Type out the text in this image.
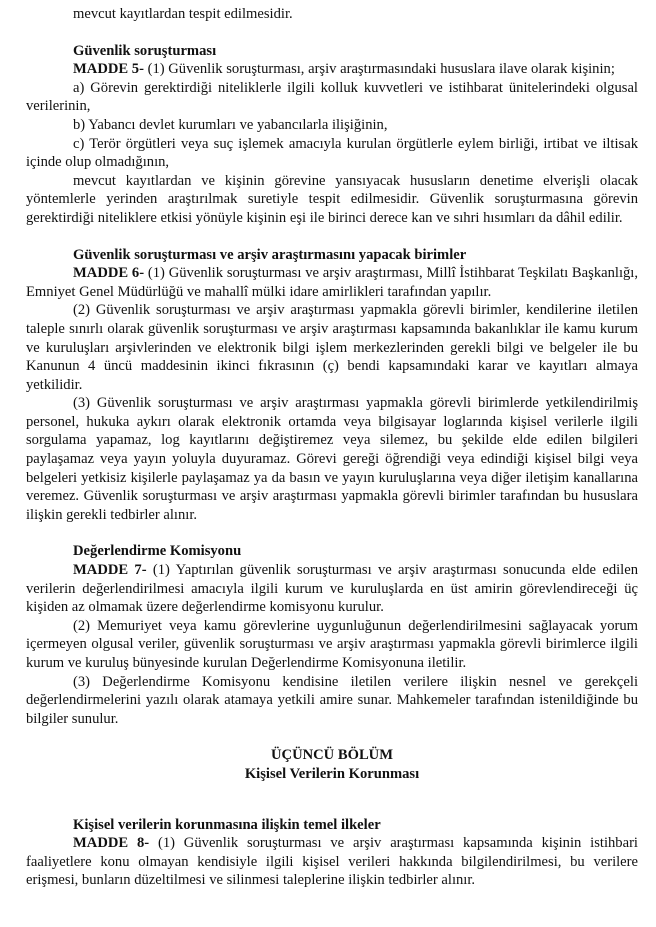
mevcut kayıtlardan tespit edilmesidir.

Güvenlik soruşturması

MADDE 5- (1) Güvenlik soruşturması, arşiv araştırmasındaki hususlara ilave olarak kişinin;

a) Görevin gerektirdiği niteliklerle ilgili kolluk kuvvetleri ve istihbarat ünitelerindeki olgusal verilerinin,

b) Yabancı devlet kurumları ve yabancılarla ilişiğinin,

c) Terör örgütleri veya suç işlemek amacıyla kurulan örgütlerle eylem birliği, irtibat ve iltisak içinde olup olmadığının,

mevcut kayıtlardan ve kişinin görevine yansıyacak hususların denetime elverişli olacak yöntemlerle yerinden araştırılmak suretiyle tespit edilmesidir. Güvenlik soruşturmasına görevin gerektirdiği niteliklere etkisi yönüyle kişinin eşi ile birinci derece kan ve sıhri hısımları da dâhil edilir.

Güvenlik soruşturması ve arşiv araştırmasını yapacak birimler

MADDE 6- (1) Güvenlik soruşturması ve arşiv araştırması, Millî İstihbarat Teşkilatı Başkanlığı, Emniyet Genel Müdürlüğü ve mahallî mülki idare amirlikleri tarafından yapılır.

(2) Güvenlik soruşturması ve arşiv araştırması yapmakla görevli birimler, kendilerine iletilen taleple sınırlı olarak güvenlik soruşturması ve arşiv araştırması kapsamında bakanlıklar ile kamu kurum ve kuruluşları arşivlerinden ve elektronik bilgi işlem merkezlerinden gerekli bilgi ve belgeler ile bu Kanunun 4 üncü maddesinin ikinci fıkrasının (ç) bendi kapsamındaki karar ve kayıtları almaya yetkilidir.

(3) Güvenlik soruşturması ve arşiv araştırması yapmakla görevli birimlerde yetkilendirilmiş personel, hukuka aykırı olarak elektronik ortamda veya bilgisayar loglarında kişisel verilerle ilgili sorgulama yapamaz, log kayıtlarını değiştiremez veya silemez, bu şekilde elde edilen bilgileri paylaşamaz veya yayın yoluyla duyuramaz. Görevi gereği öğrendiği veya edindiği kişisel bilgi veya belgeleri yetkisiz kişilerle paylaşamaz ya da basın ve yayın kuruluşlarına veya diğer iletişim kanallarına veremez. Güvenlik soruşturması ve arşiv araştırması yapmakla görevli birimler tarafından bu hususlara ilişkin gerekli tedbirler alınır.

Değerlendirme Komisyonu

MADDE 7- (1) Yaptırılan güvenlik soruşturması ve arşiv araştırması sonucunda elde edilen verilerin değerlendirilmesi amacıyla ilgili kurum ve kuruluşlarda en üst amirin görevlendireceği üç kişiden az olmamak üzere değerlendirme komisyonu kurulur.

(2) Memuriyet veya kamu görevlerine uygunluğunun değerlendirilmesini sağlayacak yorum içermeyen olgusal veriler, güvenlik soruşturması ve arşiv araştırması yapmakla görevli birimlerce ilgili kurum ve kuruluş bünyesinde kurulan Değerlendirme Komisyonuna iletilir.

(3) Değerlendirme Komisyonu kendisine iletilen verilere ilişkin nesnel ve gerekçeli değerlendirmelerini yazılı olarak atamaya yetkili amire sunar. Mahkemeler tarafından istenildiğinde bu bilgiler sunulur.

ÜÇÜNCÜ BÖLÜM

Kişisel Verilerin Korunması

Kişisel verilerin korunmasına ilişkin temel ilkeler

MADDE 8- (1) Güvenlik soruşturması ve arşiv araştırması kapsamında kişinin istihbari faaliyetlere konu olmayan kendisiyle ilgili kişisel verileri hakkında bilgilendirilmesi, bu verilere erişmesi, bunların düzeltilmesi ve silinmesi taleplerine ilişkin tedbirler alınır.
